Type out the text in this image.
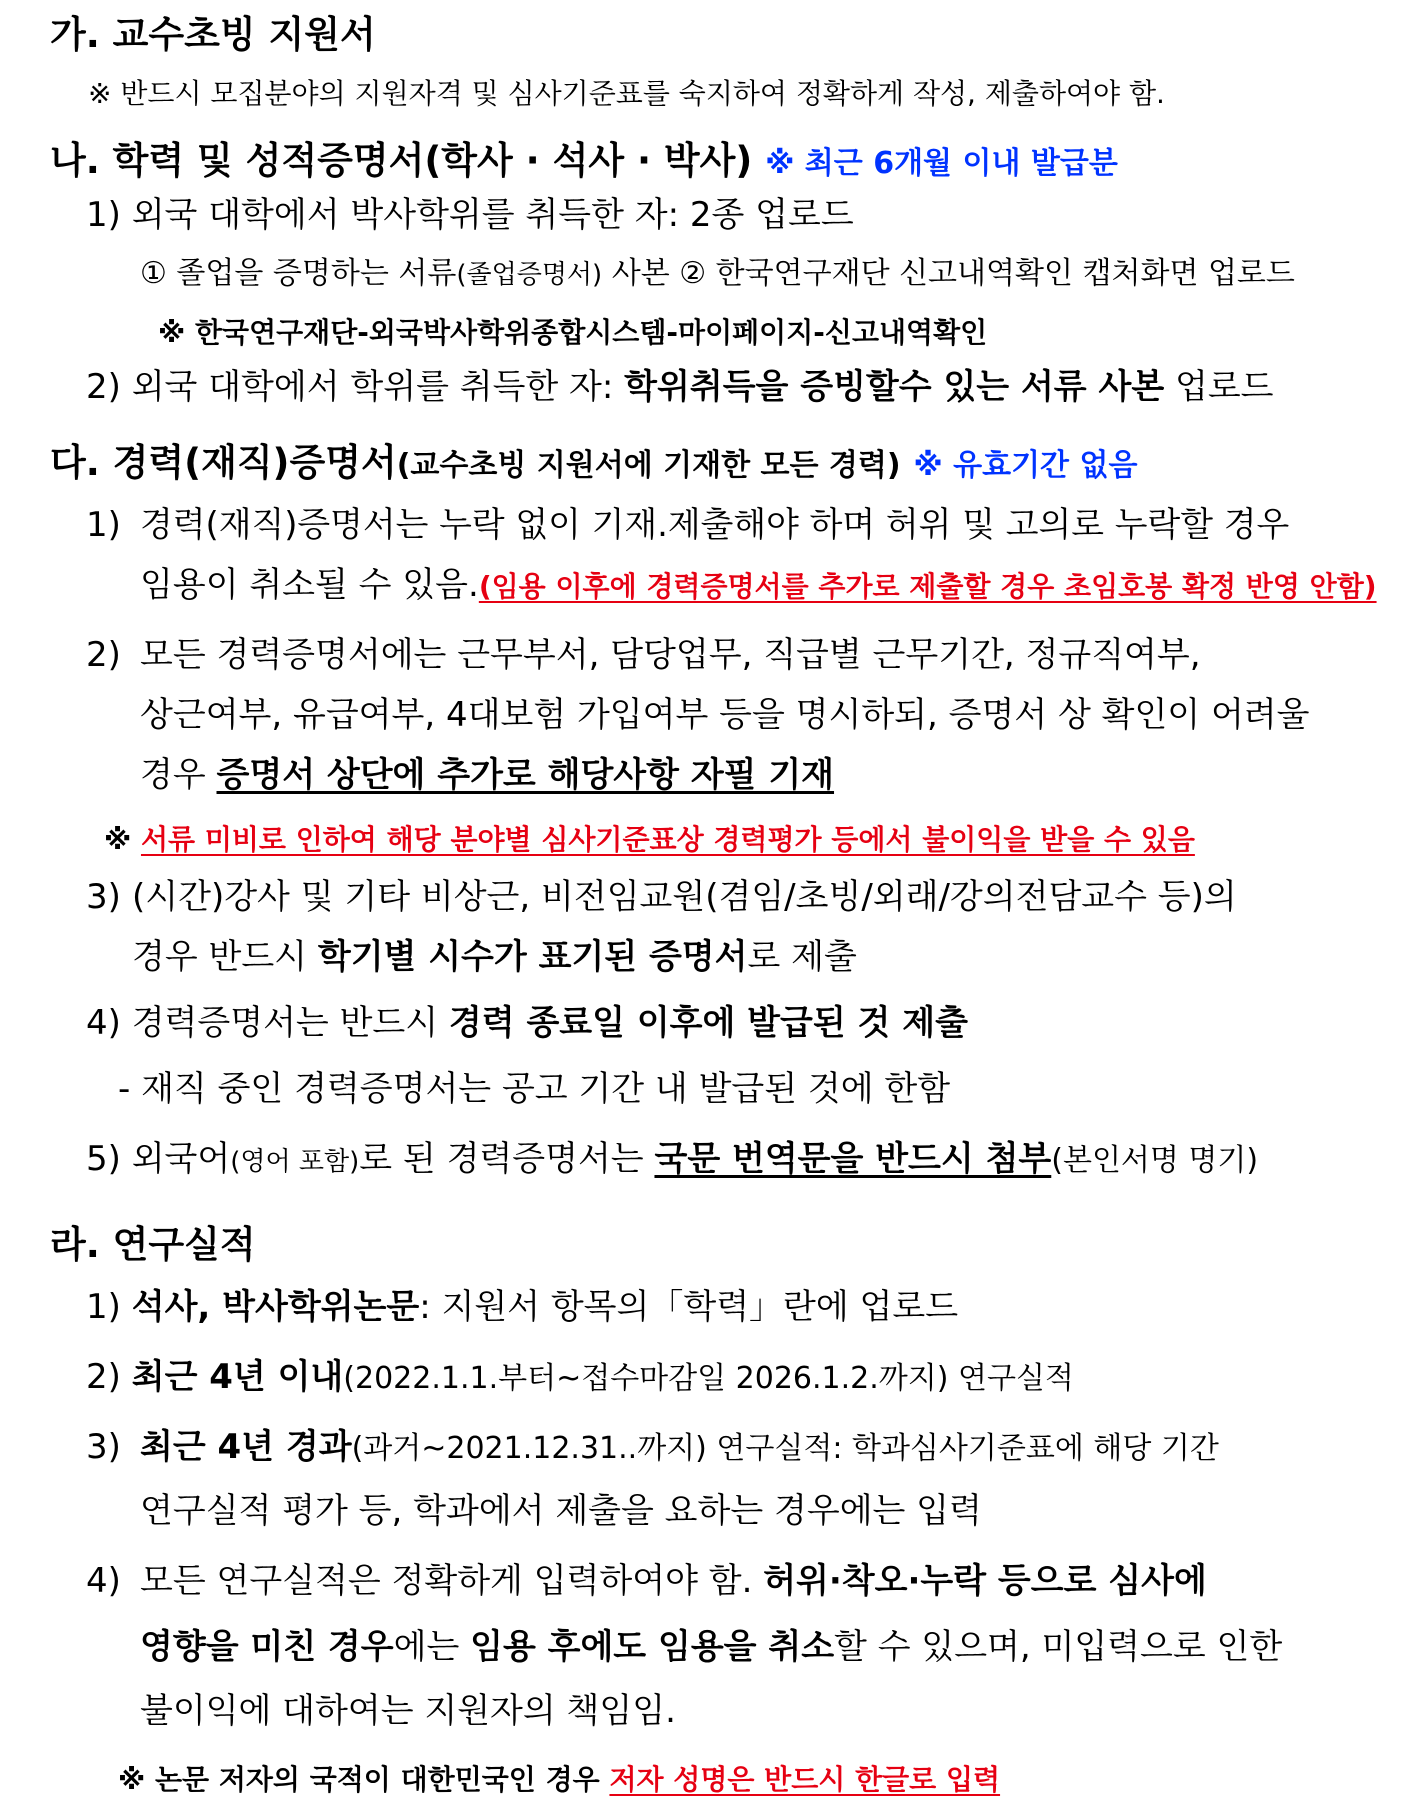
가. 교수초빙 지원서
※ 반드시 모집분야의 지원자격 및 심사기준표를 숙지하여 정확하게 작성, 제출하여야 함.
나. 학력 및 성적증명서(학사 · 석사 · 박사) ※ 최근 6개월 이내 발급분
1) 외국 대학에서 박사학위를 취득한 자: 2종 업로드
① 졸업을 증명하는 서류(졸업증명서) 사본 ② 한국연구재단 신고내역확인 캡처화면 업로드
※ 한국연구재단-외국박사학위종합시스템-마이페이지-신고내역확인
2) 외국 대학에서 학위를 취득한 자: 학위취득을 증빙할수 있는 서류 사본 업로드
다. 경력(재직)증명서(교수초빙 지원서에 기재한 모든 경력) ※ 유효기간 없음
1) 경력(재직)증명서는 누락 없이 기재.제출해야 하며 허위 및 고의로 누락할 경우
임용이 취소될 수 있음.(임용 이후에 경력증명서를 추가로 제출할 경우 초임호봉 확정 반영 안함)
2) 모든 경력증명서에는 근무부서, 담당업무, 직급별 근무기간, 정규직여부,
상근여부, 유급여부, 4대보험 가입여부 등을 명시하되, 증명서 상 확인이 어려울
경우 증명서 상단에 추가로 해당사항 자필 기재
※ 서류 미비로 인하여 해당 분야별 심사기준표상 경력평가 등에서 불이익을 받을 수 있음
3) (시간)강사 및 기타 비상근, 비전임교원(겸임/초빙/외래/강의전담교수 등)의
경우 반드시 학기별 시수가 표기된 증명서로 제출
4) 경력증명서는 반드시 경력 종료일 이후에 발급된 것 제출
- 재직 중인 경력증명서는 공고 기간 내 발급된 것에 한함
5) 외국어(영어 포함)로 된 경력증명서는 국문 번역문을 반드시 첨부(본인서명 명기)
라. 연구실적
1) 석사, 박사학위논문: 지원서 항목의「학력」란에 업로드
2) 최근 4년 이내(2022.1.1.부터~접수마감일 2026.1.2.까지) 연구실적
3) 최근 4년 경과(과거~2021.12.31..까지) 연구실적: 학과심사기준표에 해당 기간
연구실적 평가 등, 학과에서 제출을 요하는 경우에는 입력
4) 모든 연구실적은 정확하게 입력하여야 함. 허위·착오·누락 등으로 심사에
영향을 미친 경우에는 임용 후에도 임용을 취소할 수 있으며, 미입력으로 인한
불이익에 대하여는 지원자의 책임임.
※ 논문 저자의 국적이 대한민국인 경우 저자 성명은 반드시 한글로 입력
